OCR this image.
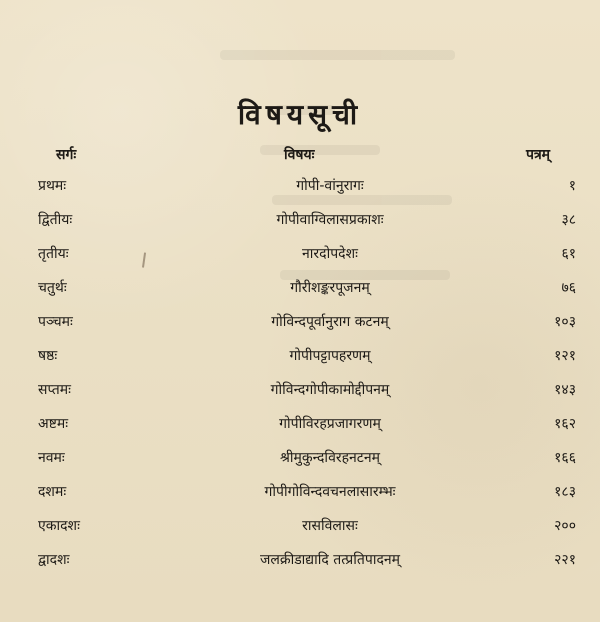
विषयसूची
सर्गः	विषयः	पत्रम्
प्रथमः	गोपी-वांनुरागः	१
द्वितीयः	गोपीवाग्विलासप्रकाशः	३८
तृतीयः	नारदोपदेशः	६१
चतुर्थः	गौरीशङ्करपूजनम्	७६
पञ्चमः	गोविन्दपूर्वानुराग कटनम्	१०३
षष्ठः	गोपीपट्टापहरणम्	१२१
सप्तमः	गोविन्दगोपीकामोद्दीपनम्	१४३
अष्टमः	गोपीविरहप्रजागरणम्	१६२
नवमः	श्रीमुकुन्दविरहनटनम्	१६६
दशमः	गोपीगोविन्दवचनलासारम्भः	१८३
एकादशः	रासविलासः	२००
द्वादशः	जलक्रीडाद्यादि तत्प्रतिपादनम्	२२१
